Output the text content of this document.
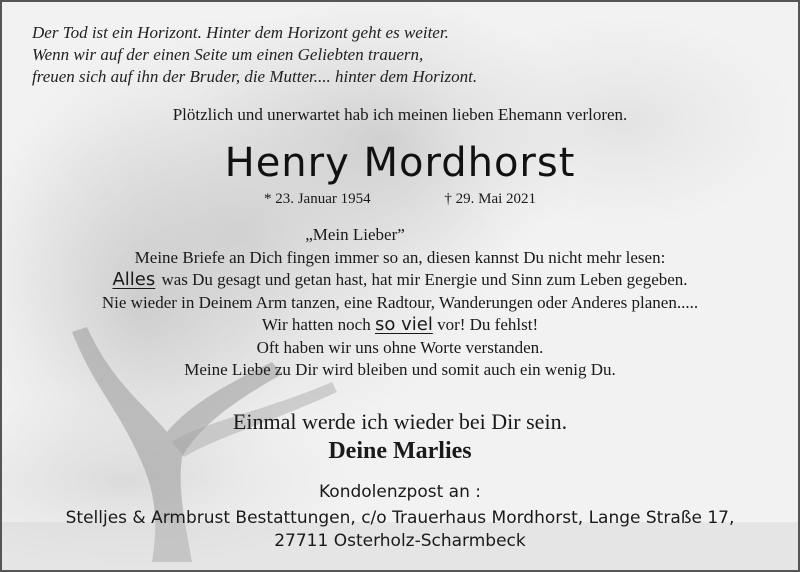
Der Tod ist ein Horizont. Hinter dem Horizont geht es weiter.
Wenn wir auf der einen Seite um einen Geliebten trauern,
freuen sich auf ihn der Bruder, die Mutter.... hinter dem Horizont.
Plötzlich und unerwartet hab ich meinen lieben Ehemann verloren.
Henry Mordhorst
* 23. Januar 1954	† 29. Mai 2021
„Mein Lieber”
Meine Briefe an Dich fingen immer so an, diesen kannst Du nicht mehr lesen:
Alles was Du gesagt und getan hast, hat mir Energie und Sinn zum Leben gegeben.
Nie wieder in Deinem Arm tanzen, eine Radtour, Wanderungen oder Anderes planen.....
Wir hatten noch so viel vor! Du fehlst!
Oft haben wir uns ohne Worte verstanden.
Meine Liebe zu Dir wird bleiben und somit auch ein wenig Du.
Einmal werde ich wieder bei Dir sein.
Deine Marlies
Kondolenzpost an :
Stelljes & Armbrust Bestattungen, c/o Trauerhaus Mordhorst, Lange Straße 17,
27711 Osterholz-Scharmbeck
